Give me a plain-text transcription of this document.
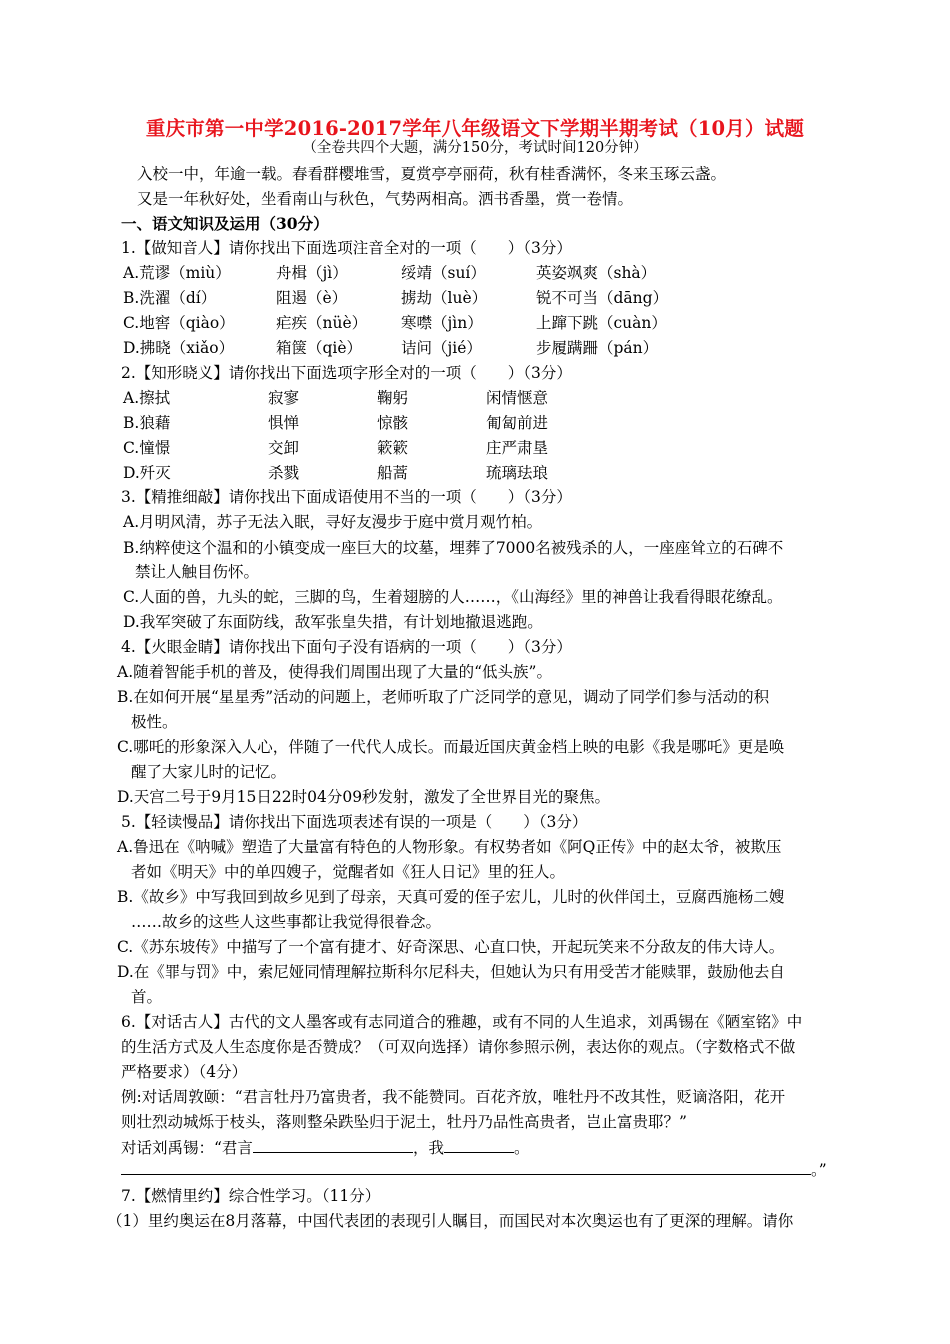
重庆市第一中学2016-2017学年八年级语文下学期半期考试（10月）试题
（全卷共四个大题，满分150分，考试时间120分钟）
入校一中，年逾一载。春看群樱堆雪，夏赏亭亭丽荷，秋有桂香满怀，冬来玉琢云盏。
又是一年秋好处，坐看南山与秋色，气势两相高。洒书香墨，赏一卷情。
一、语文知识及运用（30分）
1.【做知音人】请你找出下面选项注音全对的一项（　　）（3分）
A.荒谬（miù）	舟楫（jì）	绥靖（suí）	英姿飒爽（shà）
B.洗濯（dí）	阻遏（è）	掳劫（luè）	锐不可当（dāng）
C.地窖（qiào）	疟疾（nüè） 寒噤（jìn）	上蹿下跳（cuàn）
D.拂晓（xiǎo）	箱箧（qiè）	诘问（jié）	步履蹒跚（pán）
2.【知形晓义】请你找出下面选项字形全对的一项（　　）（3分）
A.擦拭	寂寥	鞠躬	闲情惬意
B.狼藉	惧惮	惊骸	匍匐前进
C.憧憬	交卸	簌簌	庄严肃垦
D.歼灭	杀戮	船蒿	琉璃珐琅
3.【精推细敲】请你找出下面成语使用不当的一项（　　）（3分）
A.月明风清，苏子无法入眠，寻好友漫步于庭中赏月观竹柏。
B.纳粹使这个温和的小镇变成一座巨大的坟墓，埋葬了7000名被残杀的人，一座座耸立的石碑不
禁让人触目伤怀。
C.人面的兽，九头的蛇，三脚的鸟，生着翅膀的人……，《山海经》里的神兽让我看得眼花缭乱。
D.我军突破了东面防线，敌军张皇失措，有计划地撤退逃跑。
4.【火眼金睛】请你找出下面句子没有语病的一项（　　）（3分）
A.随着智能手机的普及，使得我们周围出现了大量的“低头族”。
B.在如何开展“星星秀”活动的问题上，老师听取了广泛同学的意见，调动了同学们参与活动的积
极性。
C.哪吒的形象深入人心，伴随了一代代人成长。而最近国庆黄金档上映的电影《我是哪吒》更是唤
醒了大家儿时的记忆。
D.天宫二号于9月15日22时04分09秒发射，激发了全世界目光的聚焦。
5.【轻读慢品】请你找出下面选项表述有误的一项是（　　）（3分）
A.鲁迅在《呐喊》塑造了大量富有特色的人物形象。有权势者如《阿Q正传》中的赵太爷，被欺压
者如《明天》中的单四嫂子，觉醒者如《狂人日记》里的狂人。
B.《故乡》中写我回到故乡见到了母亲，天真可爱的侄子宏儿，儿时的伙伴闰土，豆腐西施杨二嫂
……故乡的这些人这些事都让我觉得很眷念。
C.《苏东坡传》中描写了一个富有捷才、好奇深思、心直口快，开起玩笑来不分敌友的伟大诗人。
D.在《罪与罚》中，索尼娅同情理解拉斯科尔尼科夫，但她认为只有用受苦才能赎罪，鼓励他去自
首。
6.【对话古人】古代的文人墨客或有志同道合的雅趣，或有不同的人生追求，刘禹锡在《陋室铭》中
的生活方式及人生态度你是否赞成？（可双向选择）请你参照示例，表达你的观点。（字数格式不做
严格要求）（4分）
例:对话周敦颐：“君言牡丹乃富贵者，我不能赞同。百花齐放，唯牡丹不改其性，贬谪洛阳，花开
则壮烈动城烁于枝头，落则整朵跌坠归于泥土，牡丹乃品性高贵者，岂止富贵耶？”
对话刘禹锡：“君言	，我	。
。”
7.【燃情里约】综合性学习。（11分）
（1）里约奥运在8月落幕，中国代表团的表现引人瞩目，而国民对本次奥运也有了更深的理解。请你
